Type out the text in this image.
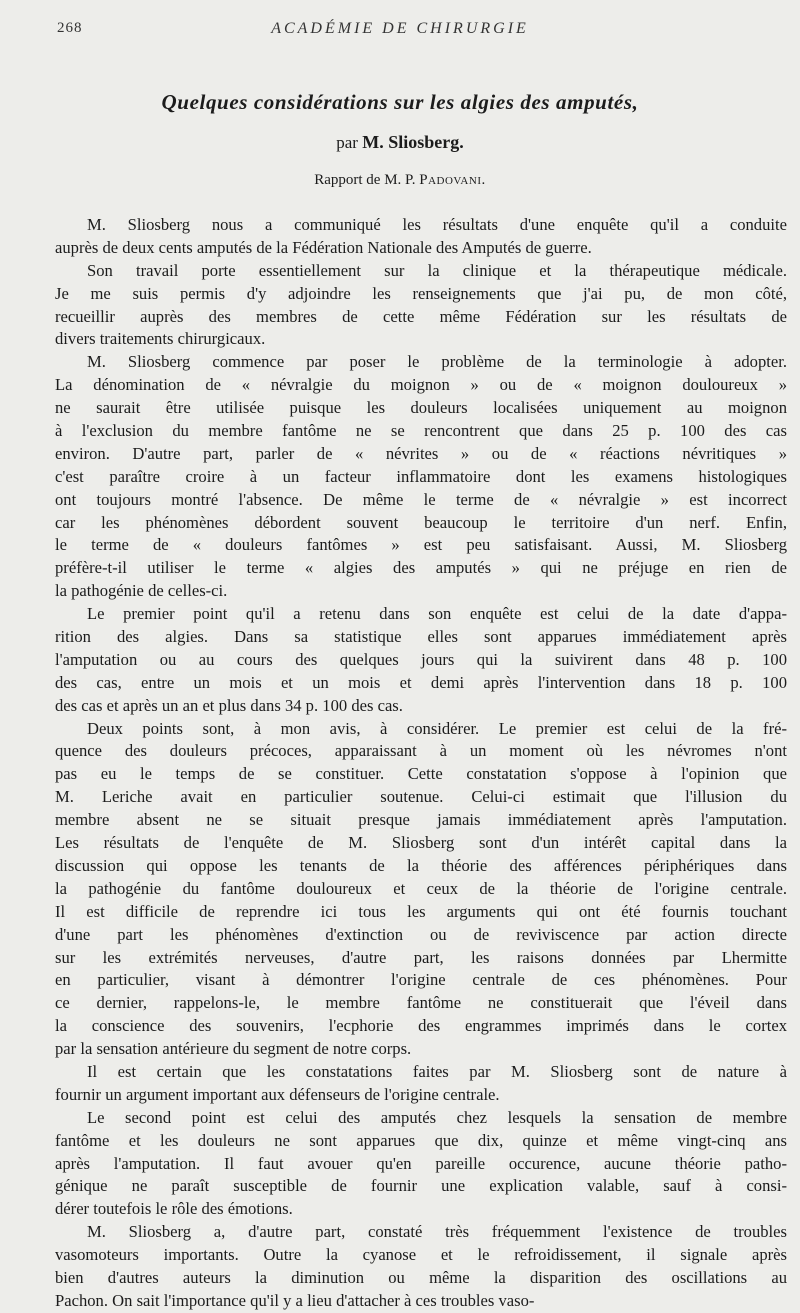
268	ACADÉMIE DE CHIRURGIE
Quelques considérations sur les algies des amputés,
par M. Sliosberg.
Rapport de M. P. Padovani.
M. Sliosberg nous a communiqué les résultats d'une enquête qu'il a conduite
auprès de deux cents amputés de la Fédération Nationale des Amputés de guerre.
Son travail porte essentiellement sur la clinique et la thérapeutique médicale.
Je me suis permis d'y adjoindre les renseignements que j'ai pu, de mon côté,
recueillir auprès des membres de cette même Fédération sur les résultats de
divers traitements chirurgicaux.
M. Sliosberg commence par poser le problème de la terminologie à adopter.
La dénomination de « névralgie du moignon » ou de « moignon douloureux »
ne saurait être utilisée puisque les douleurs localisées uniquement au moignon
à l'exclusion du membre fantôme ne se rencontrent que dans 25 p. 100 des cas
environ. D'autre part, parler de « névrites » ou de « réactions névritiques »
c'est paraître croire à un facteur inflammatoire dont les examens histologiques
ont toujours montré l'absence. De même le terme de « névralgie » est incorrect
car les phénomènes débordent souvent beaucoup le territoire d'un nerf. Enfin,
le terme de « douleurs fantômes » est peu satisfaisant. Aussi, M. Sliosberg
préfère-t-il utiliser le terme « algies des amputés » qui ne préjuge en rien de
la pathogénie de celles-ci.
Le premier point qu'il a retenu dans son enquête est celui de la date d'appa-
rition des algies. Dans sa statistique elles sont apparues immédiatement après
l'amputation ou au cours des quelques jours qui la suivirent dans 48 p. 100
des cas, entre un mois et un mois et demi après l'intervention dans 18 p. 100
des cas et après un an et plus dans 34 p. 100 des cas.
Deux points sont, à mon avis, à considérer. Le premier est celui de la fré-
quence des douleurs précoces, apparaissant à un moment où les névromes n'ont
pas eu le temps de se constituer. Cette constatation s'oppose à l'opinion que
M. Leriche avait en particulier soutenue. Celui-ci estimait que l'illusion du
membre absent ne se situait presque jamais immédiatement après l'amputation.
Les résultats de l'enquête de M. Sliosberg sont d'un intérêt capital dans la
discussion qui oppose les tenants de la théorie des afférences périphériques dans
la pathogénie du fantôme douloureux et ceux de la théorie de l'origine centrale.
Il est difficile de reprendre ici tous les arguments qui ont été fournis touchant
d'une part les phénomènes d'extinction ou de reviviscence par action directe
sur les extrémités nerveuses, d'autre part, les raisons données par Lhermitte
en particulier, visant à démontrer l'origine centrale de ces phénomènes. Pour
ce dernier, rappelons-le, le membre fantôme ne constituerait que l'éveil dans
la conscience des souvenirs, l'ecphorie des engrammes imprimés dans le cortex
par la sensation antérieure du segment de notre corps.
Il est certain que les constatations faites par M. Sliosberg sont de nature à
fournir un argument important aux défenseurs de l'origine centrale.
Le second point est celui des amputés chez lesquels la sensation de membre
fantôme et les douleurs ne sont apparues que dix, quinze et même vingt-cinq ans
après l'amputation. Il faut avouer qu'en pareille occurence, aucune théorie patho-
génique ne paraît susceptible de fournir une explication valable, sauf à consi-
dérer toutefois le rôle des émotions.
M. Sliosberg a, d'autre part, constaté très fréquemment l'existence de troubles
vasomoteurs importants. Outre la cyanose et le refroidissement, il signale après
bien d'autres auteurs la diminution ou même la disparition des oscillations au
Pachon. On sait l'importance qu'il y a lieu d'attacher à ces troubles vaso-
